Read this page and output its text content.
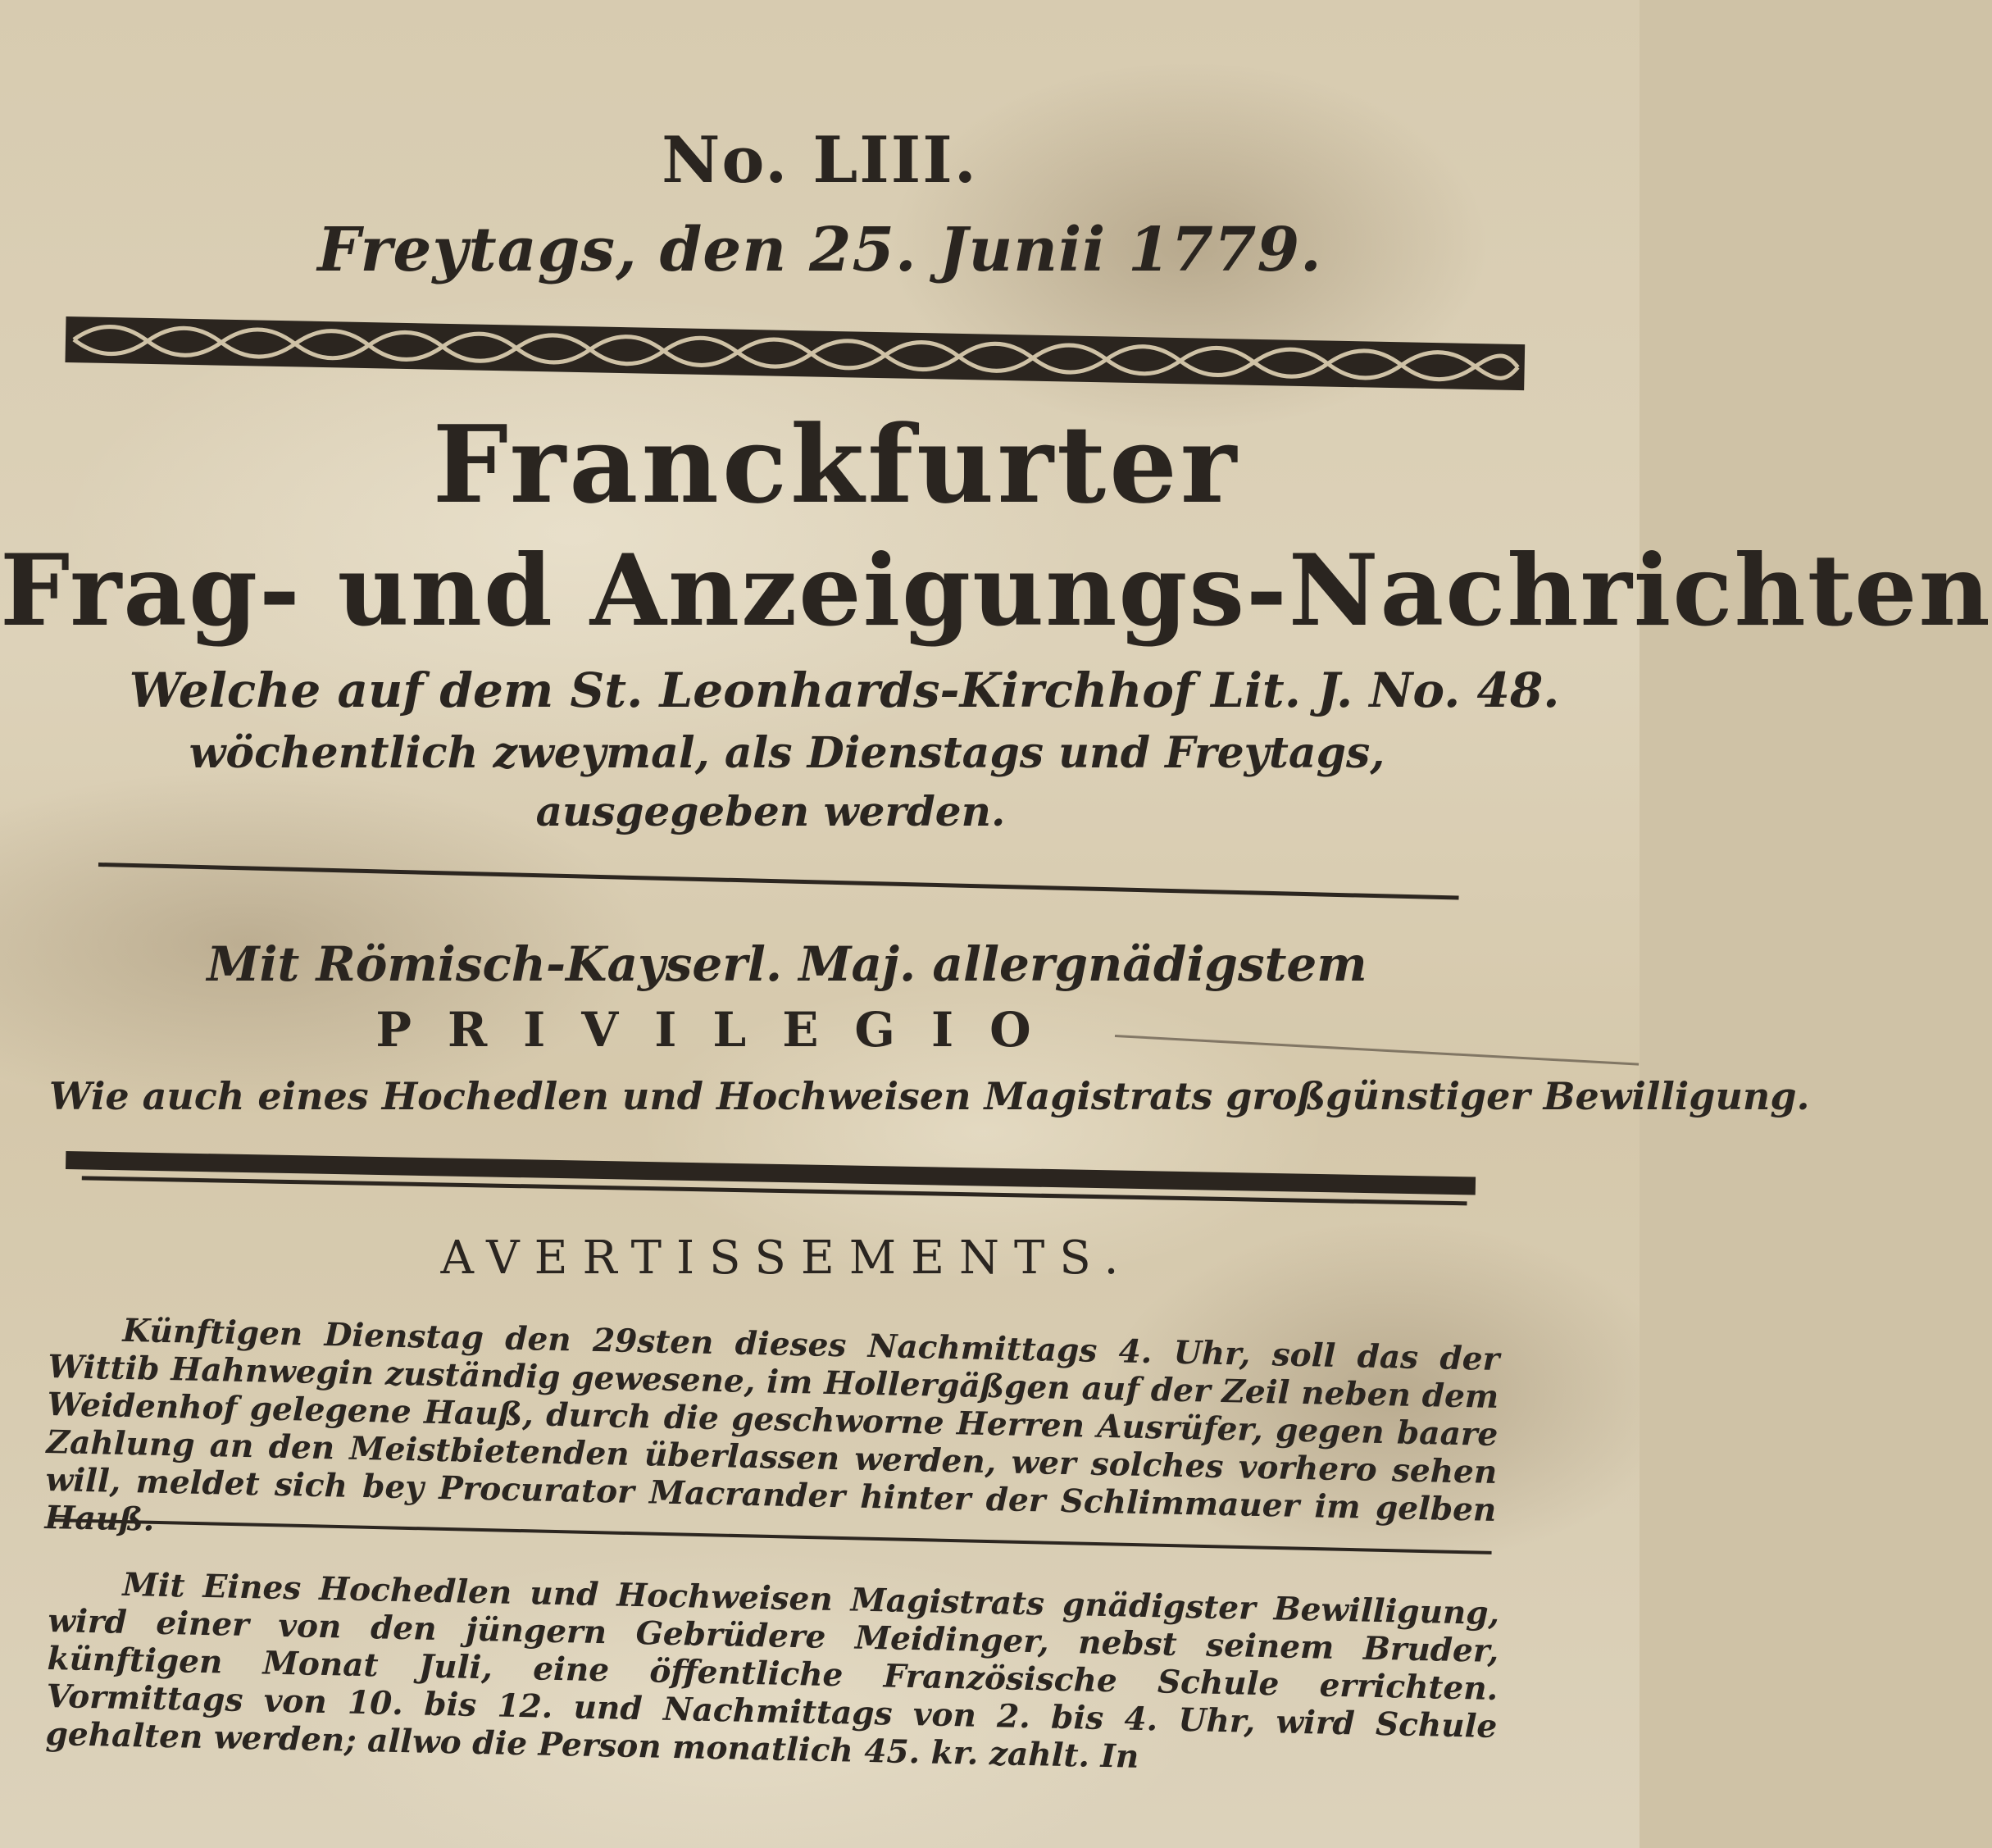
No. LIII.
Freytags, den 25. Junii 1779.
Franckfurter
Frag- und Anzeigungs-Nachrichten
Welche auf dem St. Leonhards-Kirchhof Lit. J. No. 48.
wöchentlich zweymal, als Dienstags und Freytags,
ausgegeben werden.
Mit Römisch-Kayserl. Maj. allergnädigstem
PRIVILEGIO
Wie auch eines Hochedlen und Hochweisen Magistrats großgünstiger Bewilligung.
AVERTISSEMENTS.
Künftigen Dienstag den 29sten dieses Nachmittags 4. Uhr, soll das der Wittib Hahnwegin zuständig gewesene, im Hollergäßgen auf der Zeil neben dem Weidenhof gelegene Hauß, durch die geschworne Herren Ausrüfer, gegen baare Zahlung an den Meistbietenden überlassen werden, wer solches vorhero sehen will, meldet sich bey Procurator Macrander hinter der Schlimmauer im gelben Hauß.
Mit Eines Hochedlen und Hochweisen Magistrats gnädigster Bewilligung, wird einer von den jüngern Gebrüdere Meidinger, nebst seinem Bruder, künftigen Monat Juli, eine öffentliche Französische Schule errichten. Vormittags von 10. bis 12. und Nachmittags von 2. bis 4. Uhr, wird Schule gehalten werden; allwo die Person monatlich 45. kr. zahlt. In
